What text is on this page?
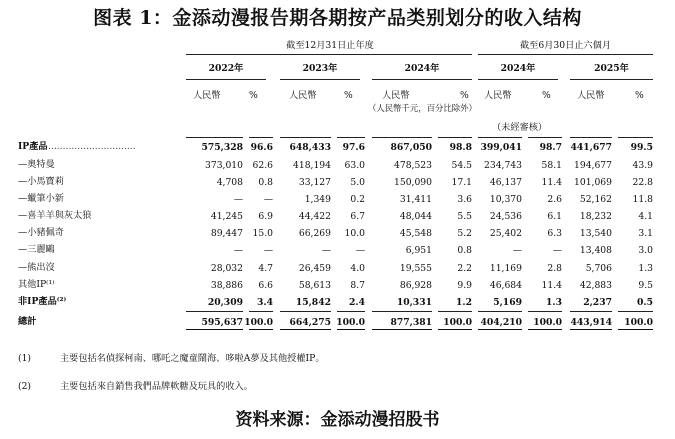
图表 1：金添动漫报告期各期按产品类别划分的收入结构
截至12月31日止年度	截至6月30日止六個月
2022年	2023年	2024年	2024年	2025年
人民幣	%	人民幣	%	人民幣	%
（人民幣千元，百分比除外）
人民幣	%	人民幣	%
（未經審核）
IP產品 ..............................	575,328 96.6	648,433	97.6	867,050	98.8 399,041	98.7 441,677	99.5
—奧特曼	373,010	62.6	418,194	63.0	478,523	54.5	234,743	58.1	194,677	43.9
—小馬寶莉	4,708	0.8	33,127	5.0	150,090	17.1	46,137	11.4	101,069	22.8
—蠟筆小新	—	—	1,349	0.2	31,411	3.6	10,370	2.6	52,162	11.8
—喜羊羊與灰太狼	41,245	6.9	44,422	6.7	48,044	5.5	24,536	6.1	18,232	4.1
—小豬佩奇	89,447	15.0	66,269	10.0	45,548	5.2	25,402	6.3	13,540	3.1
—三麗鷗	—	—	—	—	6,951	0.8	—	—	13,408	3.0
—熊出沒	28,032	4.7	26,459	4.0	19,555	2.2	11,169	2.8	5,706	1.3
其他IP⁽¹⁾	38,886	6.6	58,613	8.7	86,928	9.9	46,684	11.4	42,883	9.5
非IP產品⁽²⁾	20,309	3.4	15,842	2.4	10,331	1.2	5,169	1.3	2,237	0.5
總計	595,637 100.0	664,275 100.0	877,381	100.0 404,210	100.0 443,914	100.0
(1)	主要包括名偵探柯南、哪吒之魔童鬧海、哆啦A夢及其他授權IP。
(2)	主要包括來自銷售我們品牌軟糖及玩具的收入。
资料来源：金添动漫招股书
